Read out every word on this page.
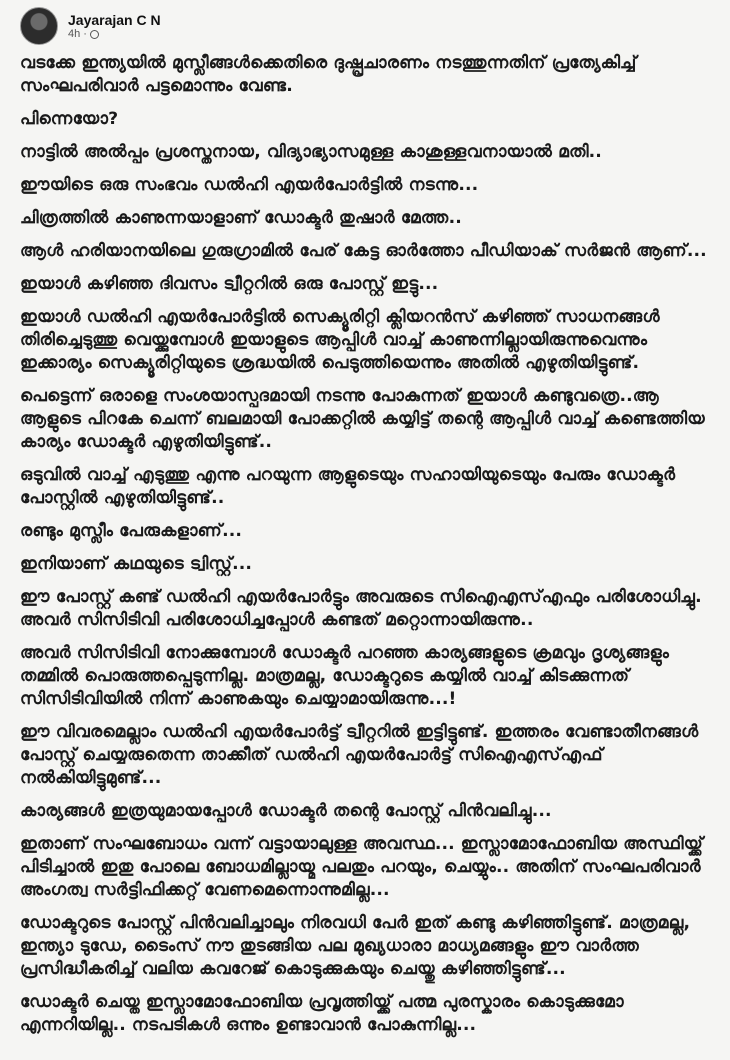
Jayarajan C N
4h ·

വടക്കേ ഇന്ത്യയിൽ മുസ്ലീങ്ങൾക്കെതിരെ ദുഷ്പ്രചാരണം നടത്തുന്നതിന് പ്രത്യേകിച്ച് സംഘപരിവാർ പട്ടമൊന്നും വേണ്ട.

പിന്നെയോ?

നാട്ടിൽ അൽപ്പം പ്രശസ്തനായ, വിദ്യാഭ്യാസമുള്ള കാശുള്ളവനായാൽ മതി..

ഈയിടെ ഒരു സംഭവം ഡൽഹി എയർപോർട്ടിൽ നടന്നു...

ചിത്രത്തിൽ കാണുന്നയാളാണ് ഡോക്ടർ തുഷാർ മേത്ത..

ആൾ ഹരിയാനയിലെ ഗുരുഗ്രാമിൽ പേര് കേട്ട ഓർത്തോ പീഡിയാക് സർജൻ ആണ്...

ഇയാൾ കഴിഞ്ഞ ദിവസം ട്വീറ്ററിൽ ഒരു പോസ്റ്റ് ഇട്ടു...

ഇയാൾ ഡൽഹി എയർപോർട്ടിൽ സെക്യൂരിറ്റി ക്ലിയറൻസ് കഴിഞ്ഞ് സാധനങ്ങൾ തിരിച്ചെടുത്തു വെയ്ക്കുമ്പോൾ ഇയാളുടെ ആപ്പിൾ വാച്ച് കാണുന്നില്ലായിരുന്നുവെന്നും ഇക്കാര്യം സെക്യൂരിറ്റിയുടെ ശ്രദ്ധയിൽ പെടുത്തിയെന്നും അതിൽ എഴുതിയിട്ടുണ്ട്.

പെട്ടെന്ന് ഒരാളെ സംശയാസ്പദമായി നടന്നു പോകുന്നത് ഇയാൾ കണ്ടുവത്രെ..ആ ആളുടെ പിറകേ ചെന്ന് ബലമായി പോക്കറ്റിൽ കയ്യിട്ട് തന്റെ ആപ്പിൾ വാച്ച് കണ്ടെത്തിയ കാര്യം ഡോക്ടർ എഴുതിയിട്ടുണ്ട്..

ഒടുവിൽ വാച്ച് എടുത്തു എന്നു പറയുന്ന ആളുടെയും സഹായിയുടെയും പേരും ഡോക്ടർ പോസ്റ്റിൽ എഴുതിയിട്ടുണ്ട്..

രണ്ടും മുസ്ലീം പേരുകളാണ്...

ഇനിയാണ് കഥയുടെ ട്വിസ്റ്റ്...

ഈ പോസ്റ്റ് കണ്ട് ഡൽഹി എയർപോർട്ടും അവരുടെ സിഐഎസ്എഫും പരിശോധിച്ചു. അവർ സിസിടിവി പരിശോധിച്ചപ്പോൾ കണ്ടത് മറ്റൊന്നായിരുന്നു..

അവർ സിസിടിവി നോക്കുമ്പോൾ ഡോക്ടർ പറഞ്ഞ കാര്യങ്ങളുടെ ക്രമവും ദൃശ്യങ്ങളും തമ്മിൽ പൊരുത്തപ്പെടുന്നില്ല. മാത്രമല്ല, ഡോക്ടറുടെ കയ്യിൽ വാച്ച് കിടക്കുന്നത് സിസിടിവിയിൽ നിന്ന് കാണുകയും ചെയ്യാമായിരുന്നു...!

ഈ വിവരമെല്ലാം ഡൽഹി എയർപോർട്ട് ട്വീറ്ററിൽ ഇട്ടിട്ടുണ്ട്. ഇത്തരം വേണ്ടാതീനങ്ങൾ പോസ്റ്റ് ചെയ്യരുതെന്ന താക്കീത് ഡൽഹി എയർപോർട്ട് സിഐഎസ്എഫ് നൽകിയിട്ടുമുണ്ട്...

കാര്യങ്ങൾ ഇത്രയുമായപ്പോൾ ഡോക്ടർ തന്റെ പോസ്റ്റ് പിൻവലിച്ചു...

ഇതാണ് സംഘബോധം വന്ന് വട്ടായാലുള്ള അവസ്ഥ... ഇസ്ലാമോഫോബിയ അസ്ഥിയ്ക്ക് പിടിച്ചാൽ ഇതു പോലെ ബോധമില്ലായ്മ പലതും പറയും, ചെയ്യും.. അതിന് സംഘപരിവാർ അംഗത്വ സർട്ടിഫിക്കറ്റ് വേണമെന്നൊന്നുമില്ല...

ഡോക്ടറുടെ പോസ്റ്റ് പിൻവലിച്ചാലും നിരവധി പേർ ഇത് കണ്ടു കഴിഞ്ഞിട്ടുണ്ട്. മാത്രമല്ല, ഇന്ത്യാ ടുഡേ, ടൈംസ് നൗ തുടങ്ങിയ പല മുഖ്യധാരാ മാധ്യമങ്ങളും ഈ വാർത്ത പ്രസിദ്ധീകരിച്ച് വലിയ കവറേജ് കൊടുക്കുകയും ചെയ്തു കഴിഞ്ഞിട്ടുണ്ട്...

ഡോക്ടർ ചെയ്ത ഇസ്ലാമോഫോബിയ പ്രവൃത്തിയ്ക്ക് പത്മ പുരസ്കാരം കൊടുക്കുമോ എന്നറിയില്ല.. നടപടികൾ ഒന്നും ഉണ്ടാവാൻ പോകുന്നില്ല...
